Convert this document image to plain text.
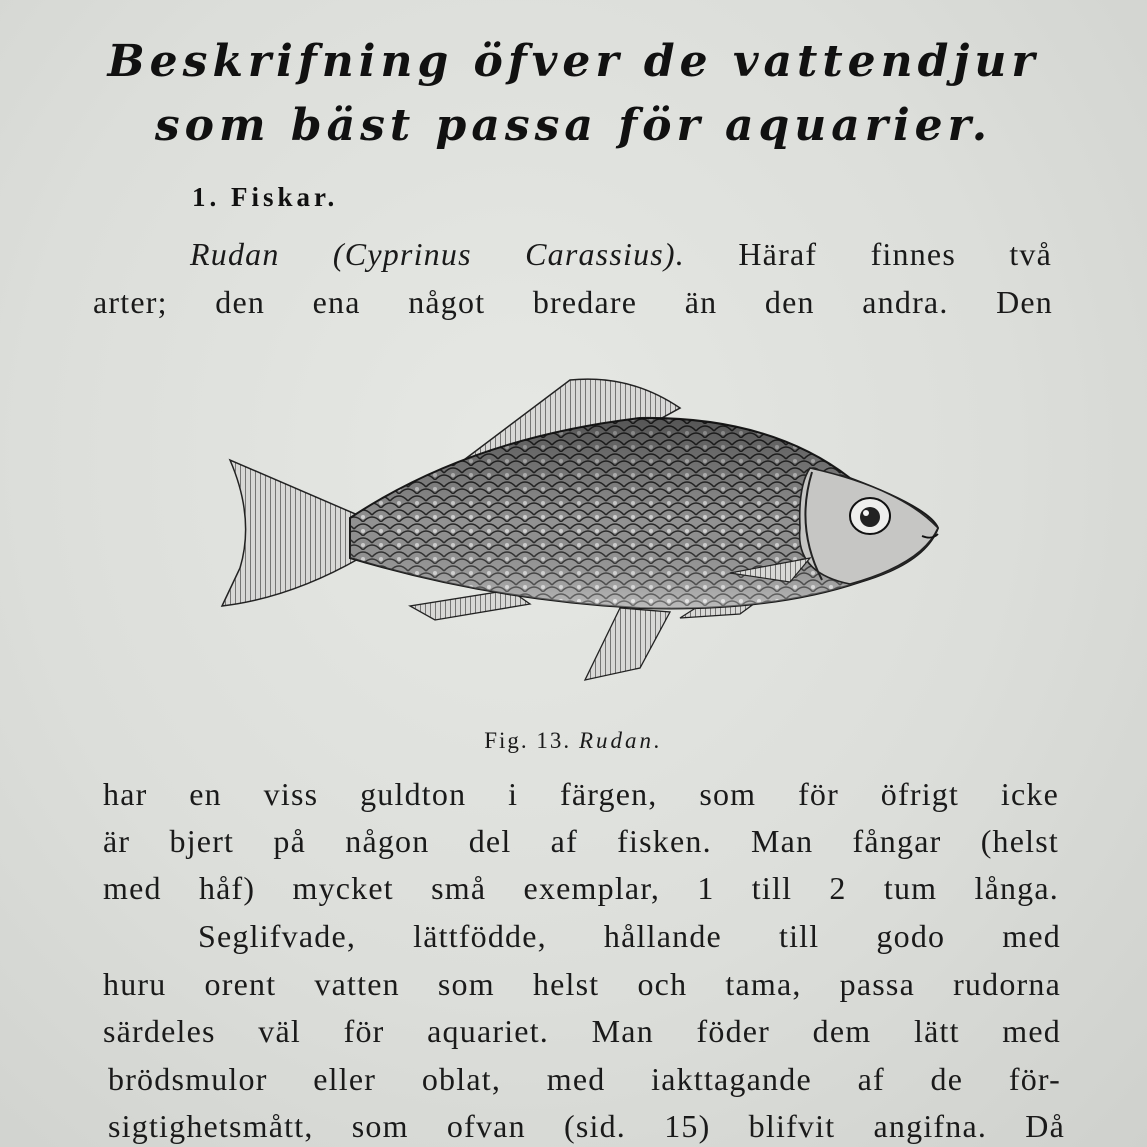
Beskrifning öfver de vattendjur
som bäst passa för aquarier.
1. Fiskar.
Rudan (Cyprinus Carassius). Häraf finnes två
arter; den ena något bredare än den andra. Den
Fig. 13. Rudan.
har en viss guldton i färgen, som för öfrigt icke
är bjert på någon del af fisken. Man fångar (helst
med håf) mycket små exemplar, 1 till 2 tum långa.
Seglifvade, lättfödde, hållande till godo med
huru orent vatten som helst och tama, passa rudorna
särdeles väl för aquariet. Man föder dem lätt med
brödsmulor eller oblat, med iakttagande af de för-
sigtighetsmått, som ofvan (sid. 15) blifvit angifna. Då
